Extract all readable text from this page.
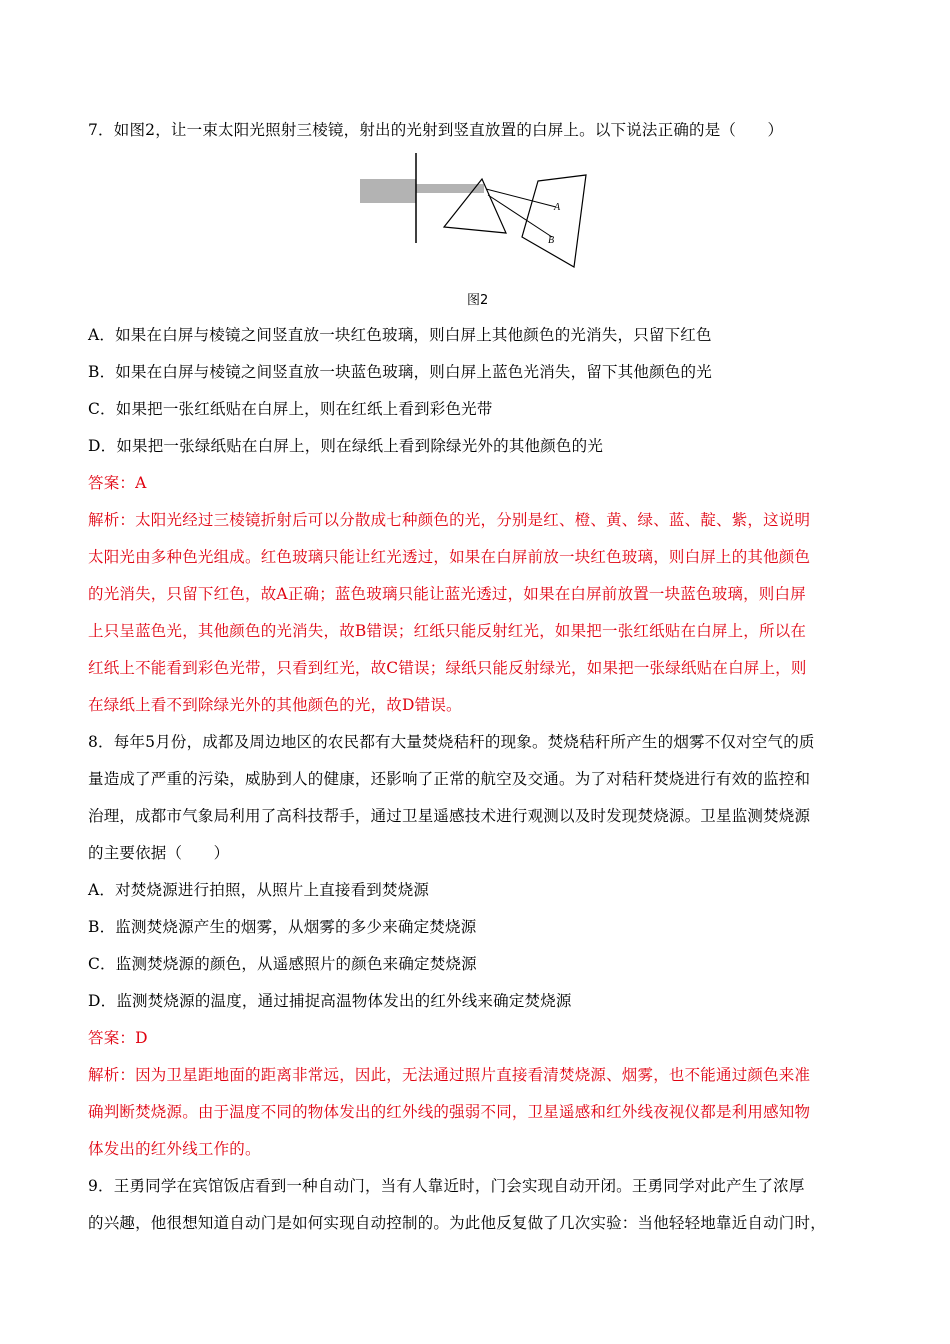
7．如图2，让一束太阳光照射三棱镜，射出的光射到竖直放置的白屏上。以下说法正确的是（　　）
A
B
图2
A．如果在白屏与棱镜之间竖直放一块红色玻璃，则白屏上其他颜色的光消失，只留下红色
B．如果在白屏与棱镜之间竖直放一块蓝色玻璃，则白屏上蓝色光消失，留下其他颜色的光
C．如果把一张红纸贴在白屏上，则在红纸上看到彩色光带
D．如果把一张绿纸贴在白屏上，则在绿纸上看到除绿光外的其他颜色的光
答案：A
解析：太阳光经过三棱镜折射后可以分散成七种颜色的光，分别是红、橙、黄、绿、蓝、靛、紫，这说明
太阳光由多种色光组成。红色玻璃只能让红光透过，如果在白屏前放一块红色玻璃，则白屏上的其他颜色
的光消失，只留下红色，故A正确；蓝色玻璃只能让蓝光透过，如果在白屏前放置一块蓝色玻璃，则白屏
上只呈蓝色光，其他颜色的光消失，故B错误；红纸只能反射红光，如果把一张红纸贴在白屏上，所以在
红纸上不能看到彩色光带，只看到红光，故C错误；绿纸只能反射绿光，如果把一张绿纸贴在白屏上，则
在绿纸上看不到除绿光外的其他颜色的光，故D错误。
8．每年5月份，成都及周边地区的农民都有大量焚烧秸秆的现象。焚烧秸秆所产生的烟雾不仅对空气的质
量造成了严重的污染，威胁到人的健康，还影响了正常的航空及交通。为了对秸秆焚烧进行有效的监控和
治理，成都市气象局利用了高科技帮手，通过卫星遥感技术进行观测以及时发现焚烧源。卫星监测焚烧源
的主要依据（　　）
A．对焚烧源进行拍照，从照片上直接看到焚烧源
B．监测焚烧源产生的烟雾，从烟雾的多少来确定焚烧源
C．监测焚烧源的颜色，从遥感照片的颜色来确定焚烧源
D．监测焚烧源的温度，通过捕捉高温物体发出的红外线来确定焚烧源
答案：D
解析：因为卫星距地面的距离非常远，因此，无法通过照片直接看清焚烧源、烟雾，也不能通过颜色来准
确判断焚烧源。由于温度不同的物体发出的红外线的强弱不同，卫星遥感和红外线夜视仪都是利用感知物
体发出的红外线工作的。
9．王勇同学在宾馆饭店看到一种自动门，当有人靠近时，门会实现自动开闭。王勇同学对此产生了浓厚
的兴趣，他很想知道自动门是如何实现自动控制的。为此他反复做了几次实验：当他轻轻地靠近自动门时，
